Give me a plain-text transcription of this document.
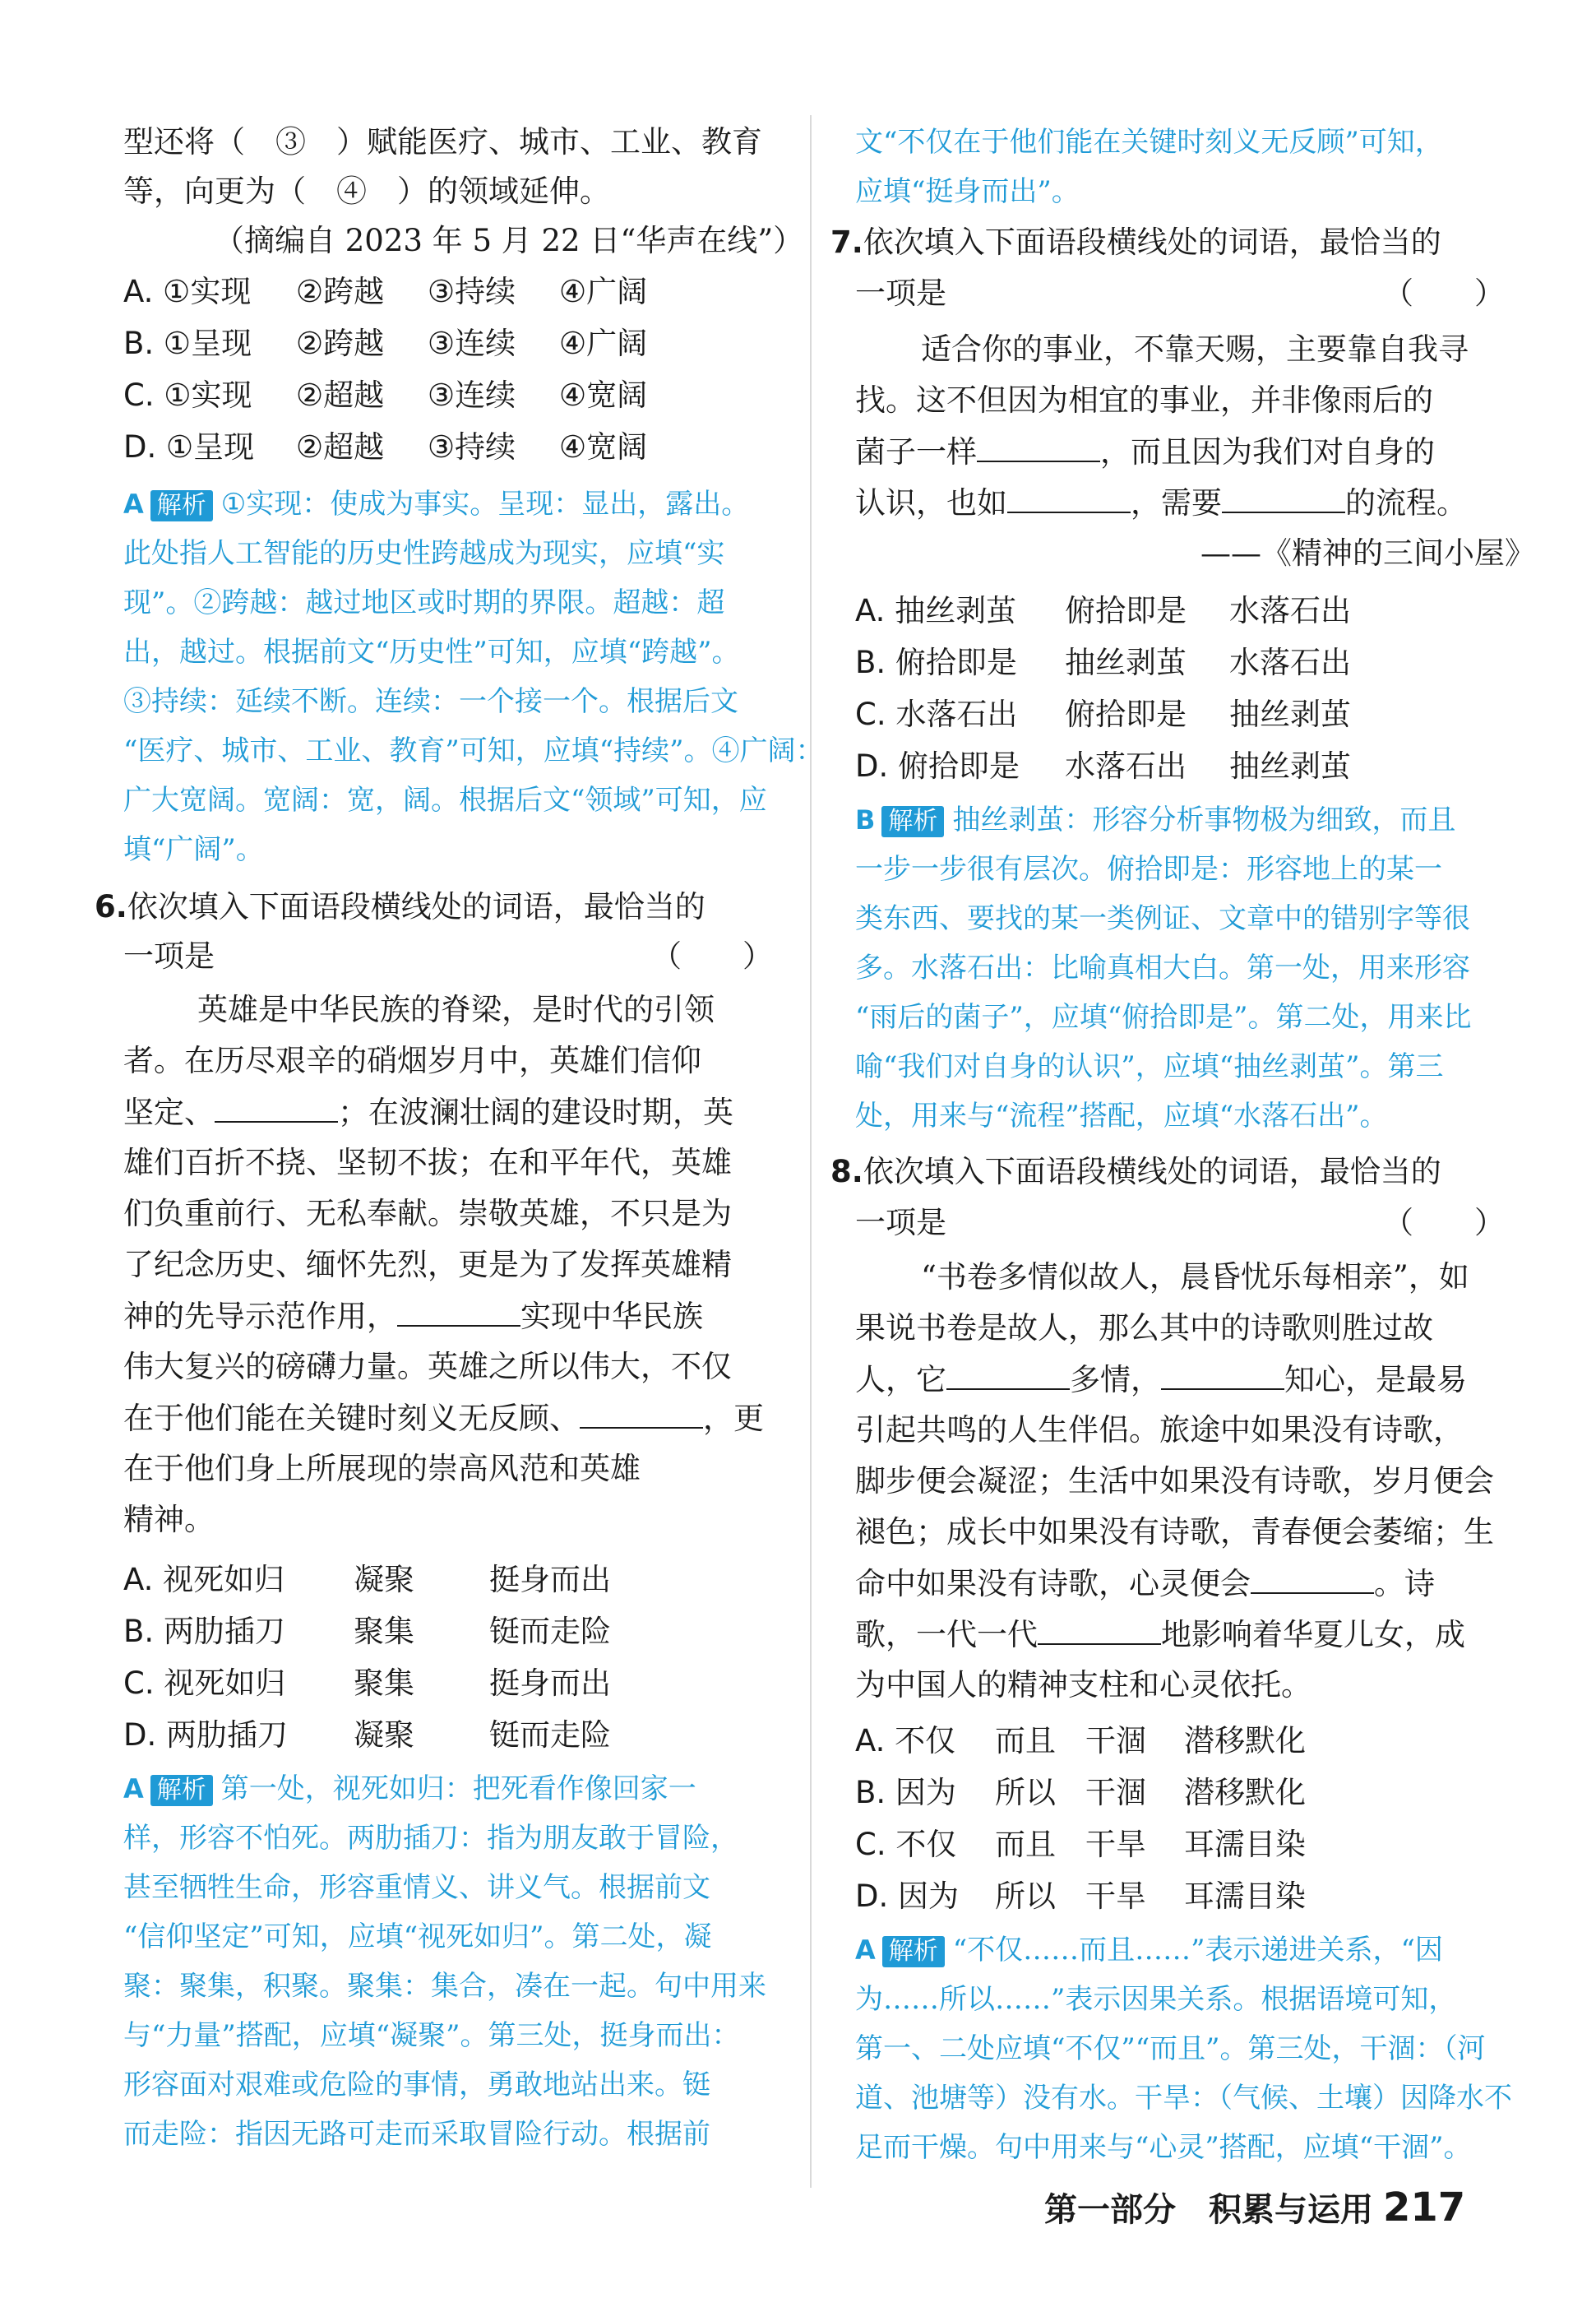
型还将（　③　）赋能医疗、城市、工业、教育
等，向更为（　④　）的领域延伸。
（摘编自 2023 年 5 月 22 日“华声在线”）
A. ①实现 ②跨越 ③持续 ④广阔
B. ①呈现 ②跨越 ③连续 ④广阔
C. ①实现 ②超越 ③连续 ④宽阔
D. ①呈现 ②超越 ③持续 ④宽阔
A 解析 ①实现：使成为事实。呈现：显出，露出。
此处指人工智能的历史性跨越成为现实，应填“实
现”。②跨越：越过地区或时期的界限。超越：超
出，越过。根据前文“历史性”可知，应填“跨越”。
③持续：延续不断。连续：一个接一个。根据后文
“医疗、城市、工业、教育”可知，应填“持续”。④广阔：
广大宽阔。宽阔：宽，阔。根据后文“领域”可知，应
填“广阔”。
6.依次填入下面语段横线处的词语，最恰当的
一项是	（　　）
英雄是中华民族的脊梁，是时代的引领
者。在历尽艰辛的硝烟岁月中，英雄们信仰
坚定、	；在波澜壮阔的建设时期，英
雄们百折不挠、坚韧不拔；在和平年代，英雄
们负重前行、无私奉献。崇敬英雄，不只是为
了纪念历史、缅怀先烈，更是为了发挥英雄精
神的先导示范作用，	实现中华民族
伟大复兴的磅礴力量。英雄之所以伟大，不仅
在于他们能在关键时刻义无反顾、	，更
在于他们身上所展现的崇高风范和英雄
精神。
A. 视死如归 凝聚 挺身而出
B. 两肋插刀 聚集 铤而走险
C. 视死如归 聚集 挺身而出
D. 两肋插刀 凝聚 铤而走险
A 解析 第一处，视死如归：把死看作像回家一
样，形容不怕死。两肋插刀：指为朋友敢于冒险，
甚至牺牲生命，形容重情义、讲义气。根据前文
“信仰坚定”可知，应填“视死如归”。第二处，凝
聚：聚集，积聚。聚集：集合，凑在一起。句中用来
与“力量”搭配，应填“凝聚”。第三处，挺身而出：
形容面对艰难或危险的事情，勇敢地站出来。铤
而走险：指因无路可走而采取冒险行动。根据前
文“不仅在于他们能在关键时刻义无反顾”可知，
应填“挺身而出”。
7.依次填入下面语段横线处的词语，最恰当的
一项是	（　　）
适合你的事业，不靠天赐，主要靠自我寻
找。这不但因为相宜的事业，并非像雨后的
菌子一样	，而且因为我们对自身的
认识，也如	，需要	的流程。
——《精神的三间小屋》
A. 抽丝剥茧 俯拾即是 水落石出
B. 俯拾即是 抽丝剥茧 水落石出
C. 水落石出 俯拾即是 抽丝剥茧
D. 俯拾即是 水落石出 抽丝剥茧
B 解析 抽丝剥茧：形容分析事物极为细致，而且
一步一步很有层次。俯拾即是：形容地上的某一
类东西、要找的某一类例证、文章中的错别字等很
多。水落石出：比喻真相大白。第一处，用来形容
“雨后的菌子”，应填“俯拾即是”。第二处，用来比
喻“我们对自身的认识”，应填“抽丝剥茧”。第三
处，用来与“流程”搭配，应填“水落石出”。
8.依次填入下面语段横线处的词语，最恰当的
一项是	（　　）
“书卷多情似故人，晨昏忧乐每相亲”，如
果说书卷是故人，那么其中的诗歌则胜过故
人，它	多情，	知心，是最易
引起共鸣的人生伴侣。旅途中如果没有诗歌，
脚步便会凝涩；生活中如果没有诗歌，岁月便会
褪色；成长中如果没有诗歌，青春便会萎缩；生
命中如果没有诗歌，心灵便会	。诗
歌，一代一代	地影响着华夏儿女，成
为中国人的精神支柱和心灵依托。
A. 不仅 而且 干涸 潜移默化
B. 因为 所以 干涸 潜移默化
C. 不仅 而且 干旱 耳濡目染
D. 因为 所以 干旱 耳濡目染
A 解析 “不仅……而且……”表示递进关系，“因
为……所以……”表示因果关系。根据语境可知，
第一、二处应填“不仅”“而且”。第三处，干涸：（河
道、池塘等）没有水。干旱：（气候、土壤）因降水不
足而干燥。句中用来与“心灵”搭配，应填“干涸”。
第一部分　积累与运用 217
